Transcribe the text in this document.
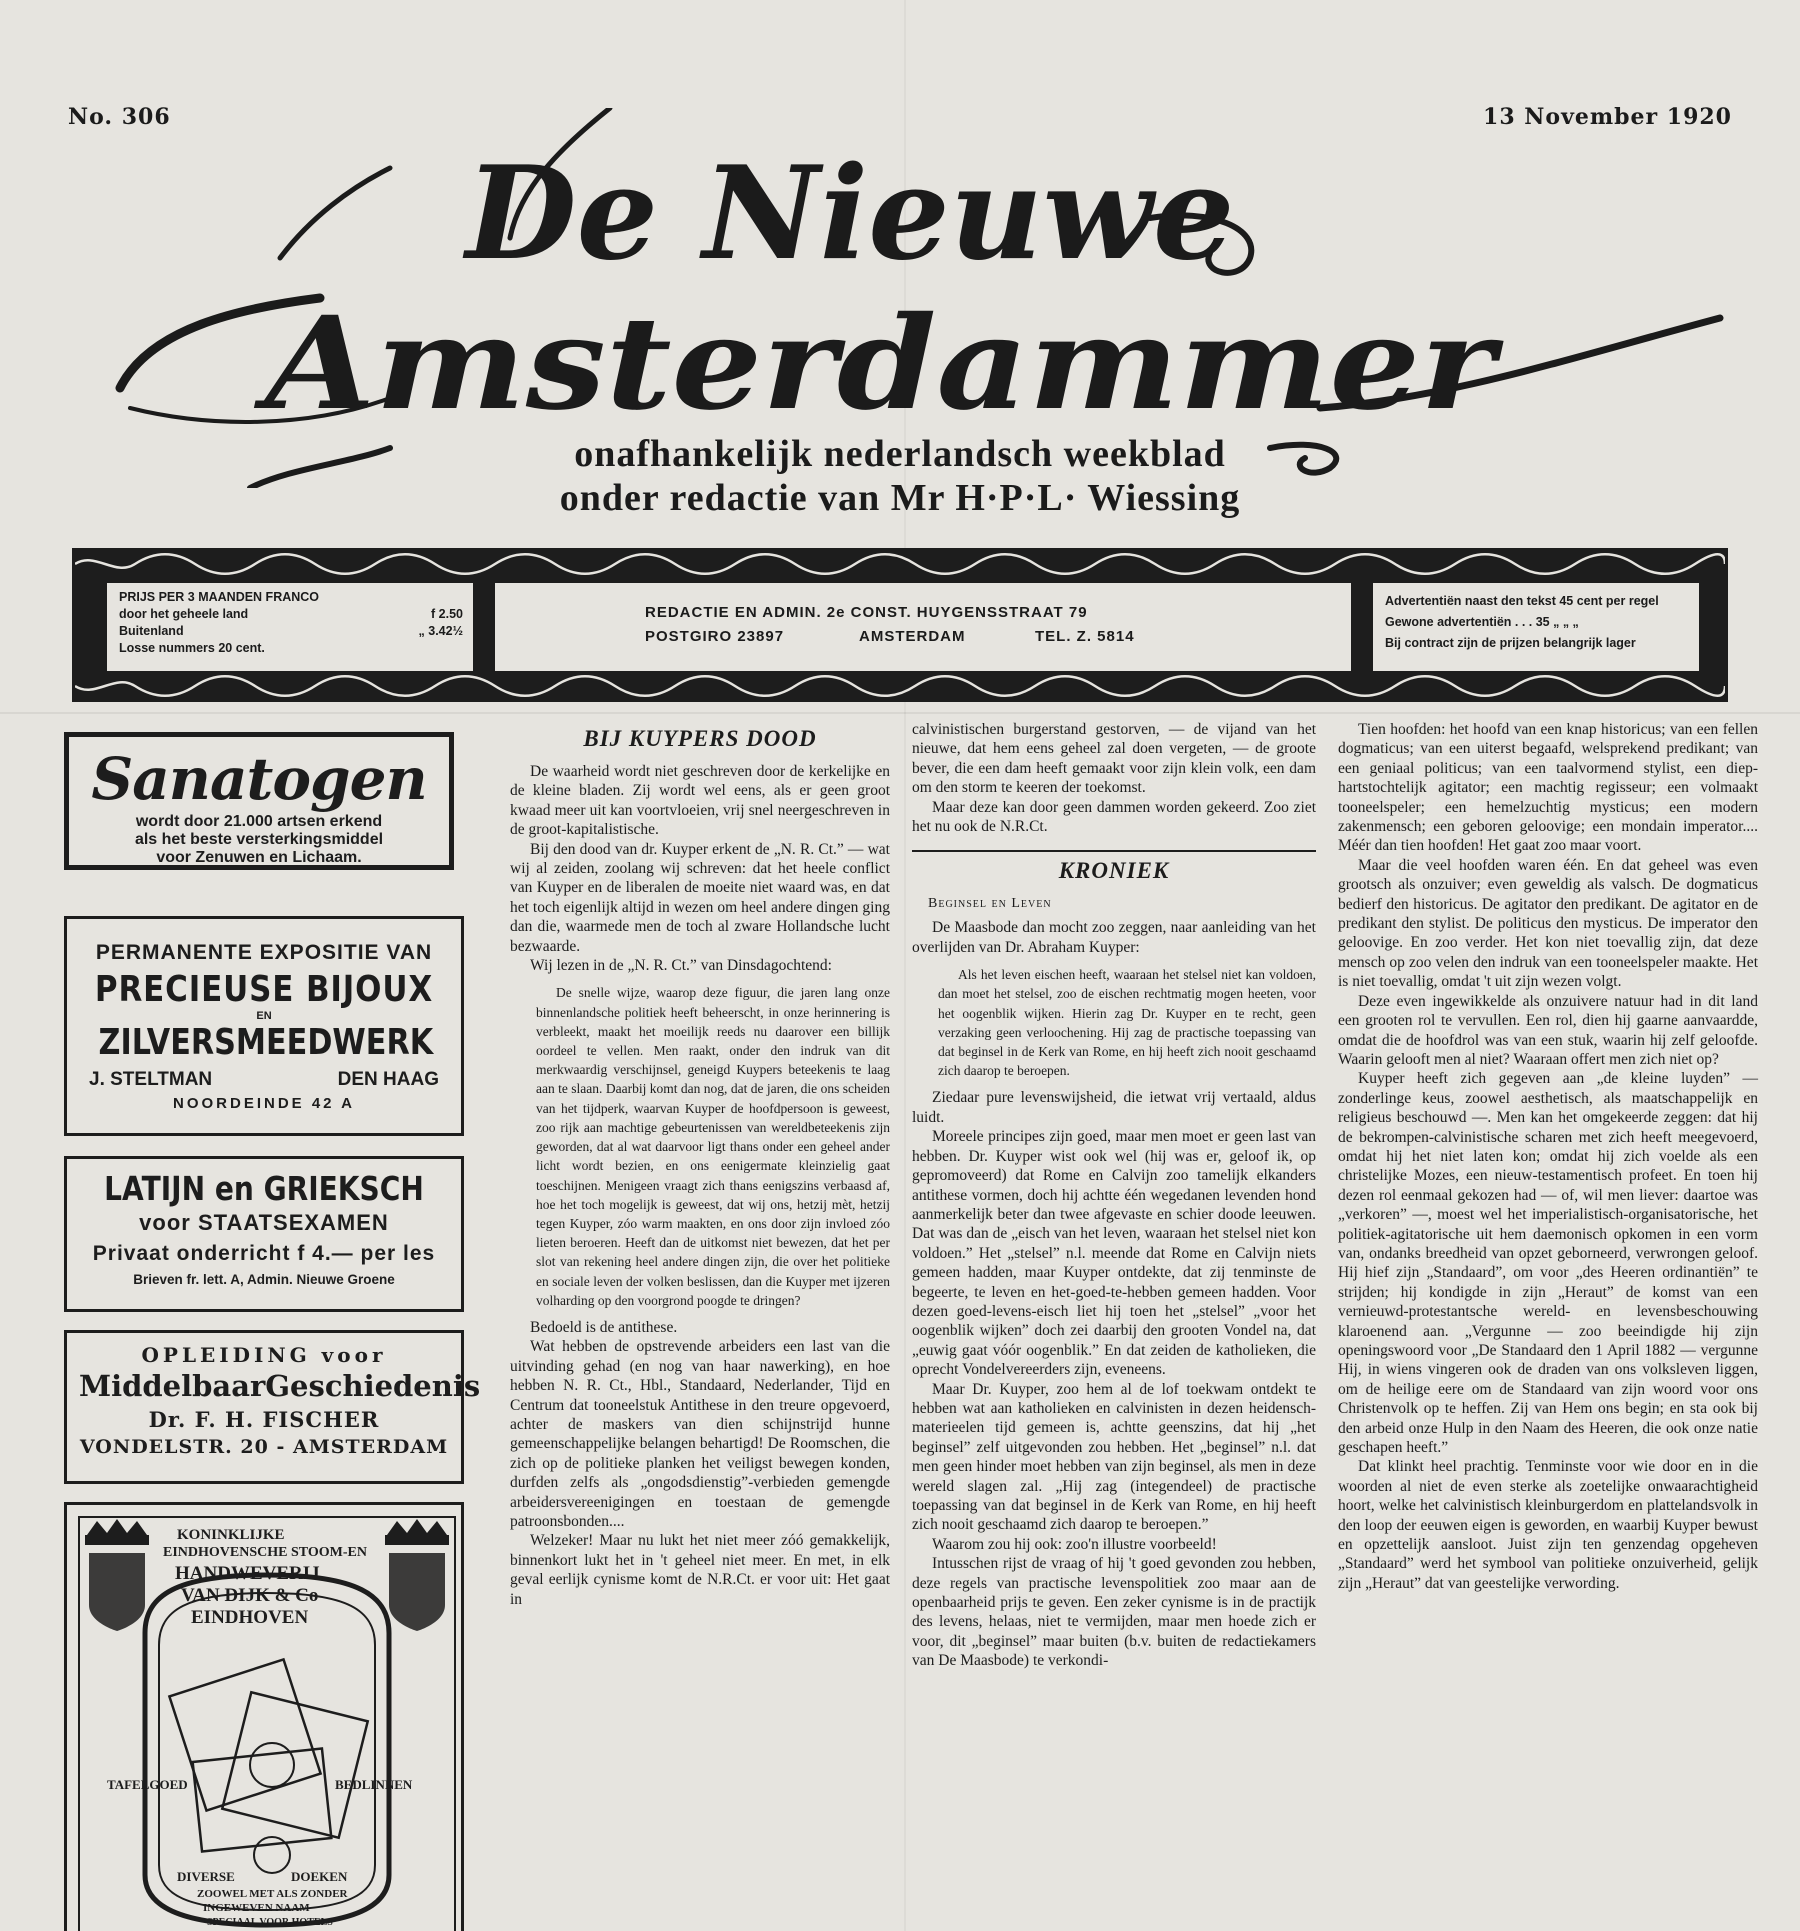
No. 306	13 November 1920
De Nieuwe
Amsterdammer
onafhankelijk nederlandsch weekblad
onder redactie van Mr H·P·L· Wiessing
PRIJS PER 3 MAANDEN FRANCO
door het geheele land	f 2.50
Buitenland	„ 3.42½
Losse nummers 20 cent.
REDACTIE EN ADMIN. 2e CONST. HUYGENSSTRAAT 79
POSTGIRO 23897	AMSTERDAM	TEL. Z. 5814
Advertentiën naast den tekst 45 cent per regel
Gewone advertentiën . . . 35 „ „ „
Bij contract zijn de prijzen belangrijk lager
Sanatogen
wordt door 21.000 artsen erkend
als het beste versterkingsmiddel
voor Zenuwen en Lichaam.
PERMANENTE EXPOSITIE VAN
PRECIEUSE BIJOUX
EN
ZILVERSMEEDWERK
J. STELTMAN	DEN HAAG
NOORDEINDE 42 A
LATIJN en GRIEKSCH
voor STAATSEXAMEN
Privaat onderricht f 4.— per les
Brieven fr. lett. A, Admin. Nieuwe Groene
OPLEIDING voor
Middelbaar Geschiedenis
Dr. F. H. FISCHER
VONDELSTR. 20 - AMSTERDAM
KONINKLIJKE
EINDHOVENSCHE STOOM-EN
HANDWEVERIJ
VAN DIJK & Co
EINDHOVEN
TAFELGOED	BEDLINNEN
DIVERSE	DOEKEN
ZOOWEL MET ALS ZONDER
INGEWEVEN NAAM
SPECIAAL VOOR HOTELS
BIJ KUYPERS DOOD

De waarheid wordt niet geschreven door de kerkelijke en de kleine bladen. Zij wordt wel eens, als er geen groot kwaad meer uit kan voortvloeien, vrij snel neergeschreven in de groot-kapitalistische.

Bij den dood van dr. Kuyper erkent de „N. R. Ct.” — wat wij al zeiden, zoolang wij schreven: dat het heele conflict van Kuyper en de liberalen de moeite niet waard was, en dat het toch eigenlijk altijd in wezen om heel andere dingen ging dan die, waarmede men de toch al zware Hollandsche lucht bezwaarde.

Wij lezen in de „N. R. Ct.” van Dinsdagochtend:

De snelle wijze, waarop deze figuur, die jaren lang onze binnenlandsche politiek heeft beheerscht, in onze herinnering is verbleekt, maakt het moeilijk reeds nu daarover een billijk oordeel te vellen. Men raakt, onder den indruk van dit merkwaardig verschijnsel, geneigd Kuypers beteekenis te laag aan te slaan. Daarbij komt dan nog, dat de jaren, die ons scheiden van het tijdperk, waarvan Kuyper de hoofdpersoon is geweest, zoo rijk aan machtige gebeurtenissen van wereldbeteekenis zijn geworden, dat al wat daarvoor ligt thans onder een geheel ander licht wordt bezien, en ons eenigermate kleinzielig gaat toeschijnen. Menigeen vraagt zich thans eenigszins verbaasd af, hoe het toch mogelijk is geweest, dat wij ons, hetzij mèt, hetzij tegen Kuyper, zóo warm maakten, en ons door zijn invloed zóo lieten beroeren. Heeft dan de uitkomst niet bewezen, dat het per slot van rekening heel andere dingen zijn, die over het politieke en sociale leven der volken beslissen, dan die Kuyper met ijzeren volharding op den voorgrond poogde te dringen?

Bedoeld is de antithese.

Wat hebben de opstrevende arbeiders een last van die uitvinding gehad (en nog van haar nawerking), en hoe hebben N. R. Ct., Hbl., Standaard, Nederlander, Tijd en Centrum dat tooneelstuk Antithese in den treure opgevoerd, achter de maskers van dien schijnstrijd hunne gemeenschappelijke belangen behartigd! De Roomschen, die zich op de politieke planken het veiligst bewegen konden, durfden zelfs als „ongodsdienstig”-verbieden gemengde arbeidersvereenigingen en toestaan de gemengde patroonsbonden....

Welzeker! Maar nu lukt het niet meer zóó gemakkelijk, binnenkort lukt het in 't geheel niet meer. En met, in elk geval eerlijk cynisme komt de N.R.Ct. er voor uit: Het gaat in

calvinistischen burgerstand gestorven, — de vijand van het nieuwe, dat hem eens geheel zal doen vergeten, — de groote bever, die een dam heeft gemaakt voor zijn klein volk, een dam om den storm te keeren der toekomst.

Maar deze kan door geen dammen worden gekeerd. Zoo ziet het nu ook de N.R.Ct.

KRONIEK
Beginsel en Leven

De Maasbode dan mocht zoo zeggen, naar aanleiding van het overlijden van Dr. Abraham Kuyper:

Als het leven eischen heeft, waaraan het stelsel niet kan voldoen, dan moet het stelsel, zoo de eischen rechtmatig mogen heeten, voor het oogenblik wijken. Hierin zag Dr. Kuyper en te recht, geen verzaking geen verloochening. Hij zag de practische toepassing van dat beginsel in de Kerk van Rome, en hij heeft zich nooit geschaamd zich daarop te beroepen.

Ziedaar pure levenswijsheid, die ietwat vrij vertaald, aldus luidt.

Moreele principes zijn goed, maar men moet er geen last van hebben. Dr. Kuyper wist ook wel (hij was er, geloof ik, op gepromoveerd) dat Rome en Calvijn zoo tamelijk elkanders antithese vormen, doch hij achtte één wegedanen levenden hond aanmerkelijk beter dan twee afgevaste en schier doode leeuwen. Dat was dan de „eisch van het leven, waaraan het stelsel niet kon voldoen.” Het „stelsel” n.l. meende dat Rome en Calvijn niets gemeen hadden, maar Kuyper ontdekte, dat zij tenminste de begeerte, te leven en het-goed-te-hebben gemeen hadden. Voor dezen goed-levens-eisch liet hij toen het „stelsel” „voor het oogenblik wijken” doch zei daarbij den grooten Vondel na, dat „euwig gaat vóór oogenblik.” En dat zeiden de katholieken, die oprecht Vondelvereerders zijn, eveneens.

Maar Dr. Kuyper, zoo hem al de lof toekwam ontdekt te hebben wat aan katholieken en calvinisten in dezen heidensch-materieelen tijd gemeen is, achtte geenszins, dat hij „het beginsel” zelf uitgevonden zou hebben. Het „beginsel” n.l. dat men geen hinder moet hebben van zijn beginsel, als men in deze wereld slagen zal. „Hij zag (integendeel) de practische toepassing van dat beginsel in de Kerk van Rome, en hij heeft zich nooit geschaamd zich daarop te beroepen.”

Waarom zou hij ook: zoo'n illustre voorbeeld!

Intusschen rijst de vraag of hij 't goed gevonden zou hebben, deze regels van practische levenspolitiek zoo maar aan de openbaarheid prijs te geven. Een zeker cynisme is in de practijk des levens, helaas, niet te vermijden, maar men hoede zich er voor, dit „beginsel” maar buiten (b.v. buiten de redactiekamers van De Maasbode) te verkondi-

Tien hoofden: het hoofd van een knap historicus; van een fellen dogmaticus; van een uiterst begaafd, welsprekend predikant; van een geniaal politicus; van een taalvormend stylist, een diep-hartstochtelijk agitator; een machtig regisseur; een volmaakt tooneelspeler; een hemelzuchtig mysticus; een modern zakenmensch; een geboren geloovige; een mondain imperator.... Méér dan tien hoofden! Het gaat zoo maar voort.

Maar die veel hoofden waren één. En dat geheel was even grootsch als onzuiver; even geweldig als valsch. De dogmaticus bedierf den historicus. De agitator den predikant. De agitator en de predikant den stylist. De politicus den mysticus. De imperator den geloovige. En zoo verder. Het kon niet toevallig zijn, dat deze mensch op zoo velen den indruk van een tooneelspeler maakte. Het is niet toevallig, omdat 't uit zijn wezen volgt.

Deze even ingewikkelde als onzuivere natuur had in dit land een grooten rol te vervullen. Een rol, dien hij gaarne aanvaardde, omdat die de hoofdrol was van een stuk, waarin hij zelf geloofde. Waarin gelooft men al niet? Waaraan offert men zich niet op?

Kuyper heeft zich gegeven aan „de kleine luyden” — zonderlinge keus, zoowel aesthetisch, als maatschappelijk en religieus beschouwd —. Men kan het omgekeerde zeggen: dat hij de bekrompen-calvinistische scharen met zich heeft meegevoerd, omdat hij het niet laten kon; omdat hij zich voelde als een christelijke Mozes, een nieuw-testamentisch profeet. En toen hij dezen rol eenmaal gekozen had — of, wil men liever: daartoe was „verkoren” —, moest wel het imperialistisch-organisatorische, het politiek-agitatorische uit hem daemonisch opkomen in een vorm van, ondanks breedheid van opzet geborneerd, verwrongen geloof. Hij hief zijn „Standaard”, om voor „des Heeren ordinantiën” te strijden; hij kondigde in zijn „Heraut” de komst van een vernieuwd-protestantsche wereld- en levensbeschouwing klaroenend aan. „Vergunne — zoo beeindigde hij zijn openingswoord voor „De Standaard den 1 April 1882 — vergunne Hij, in wiens vingeren ook de draden van ons volksleven liggen, om de heilige eere om de Standaard van zijn woord voor ons Christenvolk op te heffen. Zij van Hem ons begin; en sta ook bij den arbeid onze Hulp in den Naam des Heeren, die ook onze natie geschapen heeft.”

Dat klinkt heel prachtig. Tenminste voor wie door en in die woorden al niet de even sterke als zoetelijke onwaarachtigheid hoort, welke het calvinistisch kleinburgerdom en plattelandsvolk in den loop der eeuwen eigen is geworden, en waarbij Kuyper bewust en opzettelijk aansloot. Juist zijn ten genzendag opgeheven „Standaard” werd het symbool van politieke onzuiverheid, gelijk zijn „Heraut” dat van geestelijke verwording.
